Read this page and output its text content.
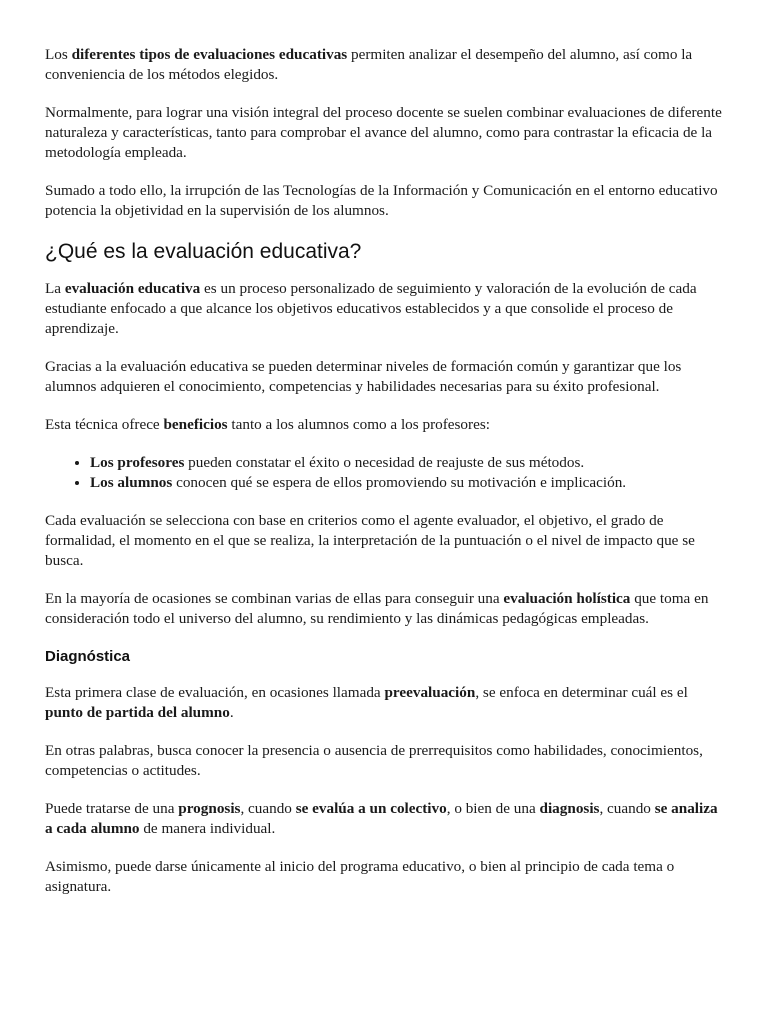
Los diferentes tipos de evaluaciones educativas permiten analizar el desempeño del alumno, así como la conveniencia de los métodos elegidos.

Normalmente, para lograr una visión integral del proceso docente se suelen combinar evaluaciones de diferente naturaleza y características, tanto para comprobar el avance del alumno, como para contrastar la eficacia de la metodología empleada.

Sumado a todo ello, la irrupción de las Tecnologías de la Información y Comunicación en el entorno educativo potencia la objetividad en la supervisión de los alumnos.

¿Qué es la evaluación educativa?

La evaluación educativa es un proceso personalizado de seguimiento y valoración de la evolución de cada estudiante enfocado a que alcance los objetivos educativos establecidos y a que consolide el proceso de aprendizaje.

Gracias a la evaluación educativa se pueden determinar niveles de formación común y garantizar que los alumnos adquieren el conocimiento, competencias y habilidades necesarias para su éxito profesional.

Esta técnica ofrece beneficios tanto a los alumnos como a los profesores:

• Los profesores pueden constatar el éxito o necesidad de reajuste de sus métodos.
• Los alumnos conocen qué se espera de ellos promoviendo su motivación e implicación.

Cada evaluación se selecciona con base en criterios como el agente evaluador, el objetivo, el grado de formalidad, el momento en el que se realiza, la interpretación de la puntuación o el nivel de impacto que se busca.

En la mayoría de ocasiones se combinan varias de ellas para conseguir una evaluación holística que toma en consideración todo el universo del alumno, su rendimiento y las dinámicas pedagógicas empleadas.

Diagnóstica

Esta primera clase de evaluación, en ocasiones llamada preevaluación, se enfoca en determinar cuál es el punto de partida del alumno.

En otras palabras, busca conocer la presencia o ausencia de prerrequisitos como habilidades, conocimientos, competencias o actitudes.

Puede tratarse de una prognosis, cuando se evalúa a un colectivo, o bien de una diagnosis, cuando se analiza a cada alumno de manera individual.

Asimismo, puede darse únicamente al inicio del programa educativo, o bien al principio de cada tema o asignatura.
